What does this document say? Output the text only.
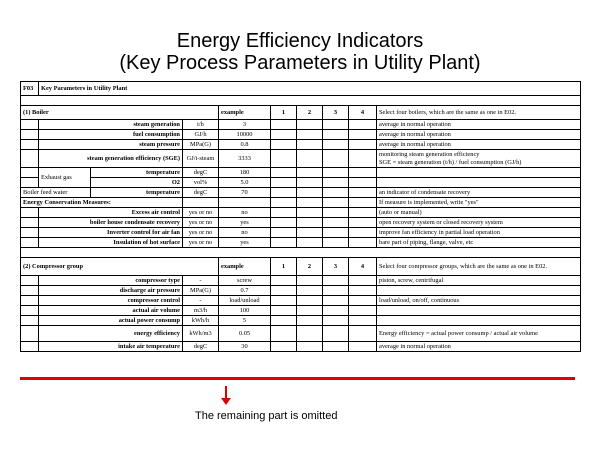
Energy Efficiency Indicators
(Key Process Parameters in Utility Plant)
F03	Key Parameters in Utility Plant								

(1) Boiler				example	1	2	3	4	Select four boilers, which are the same as one in E02.
	steam generation		t/h	3					average in normal operation
	fuel consumption		GJ/h	10000					average in normal operation
	steam pressure		MPa(G)	0.8					average in normal operation
	steam generation efficiency (SGE)		GJ/t-steam	3333					monitoring steam generation efficiency
SGE = steam generation (t/h) / fuel consumption (GJ/h)
	Exhaust gas	temperature	degC	180					
		O2	vol%	5.0					
Boiler feed water		temperature	degC	70					an indicator of condensate recovery
Energy Conservation Measures:									If measure is implemented, write "yes"
	Excess air control		yes or no	no					(auto or manual)
	boiler house condensate recovery		yes or no	yes					open recovery system or closed recovery system
	Inverter control for air fan		yes or no	no					improve fan efficiency in partial load operation
	Insulation of hot surface		yes or no	yes					bare part of piping, flange, valve, etc

(2) Compressor group				example	1	2	3	4	Select four compressor groups, which are the same as one in E02.
	compressor type		-	screw					piston, screw, centrifugal
	discharge air pressure		MPa(G)	0.7					
	compressor control		-	load/unload					load/unload, on/off, continuous
	actual air volume		m3/h	100					
	actual power consump		kWh/h	5					
	energy efficiency		kWh/m3	0.05					Energy efficiency = actual power consump / actual air volume
	intake air temperature		degC	30					average in normal operation
The remaining part is omitted
